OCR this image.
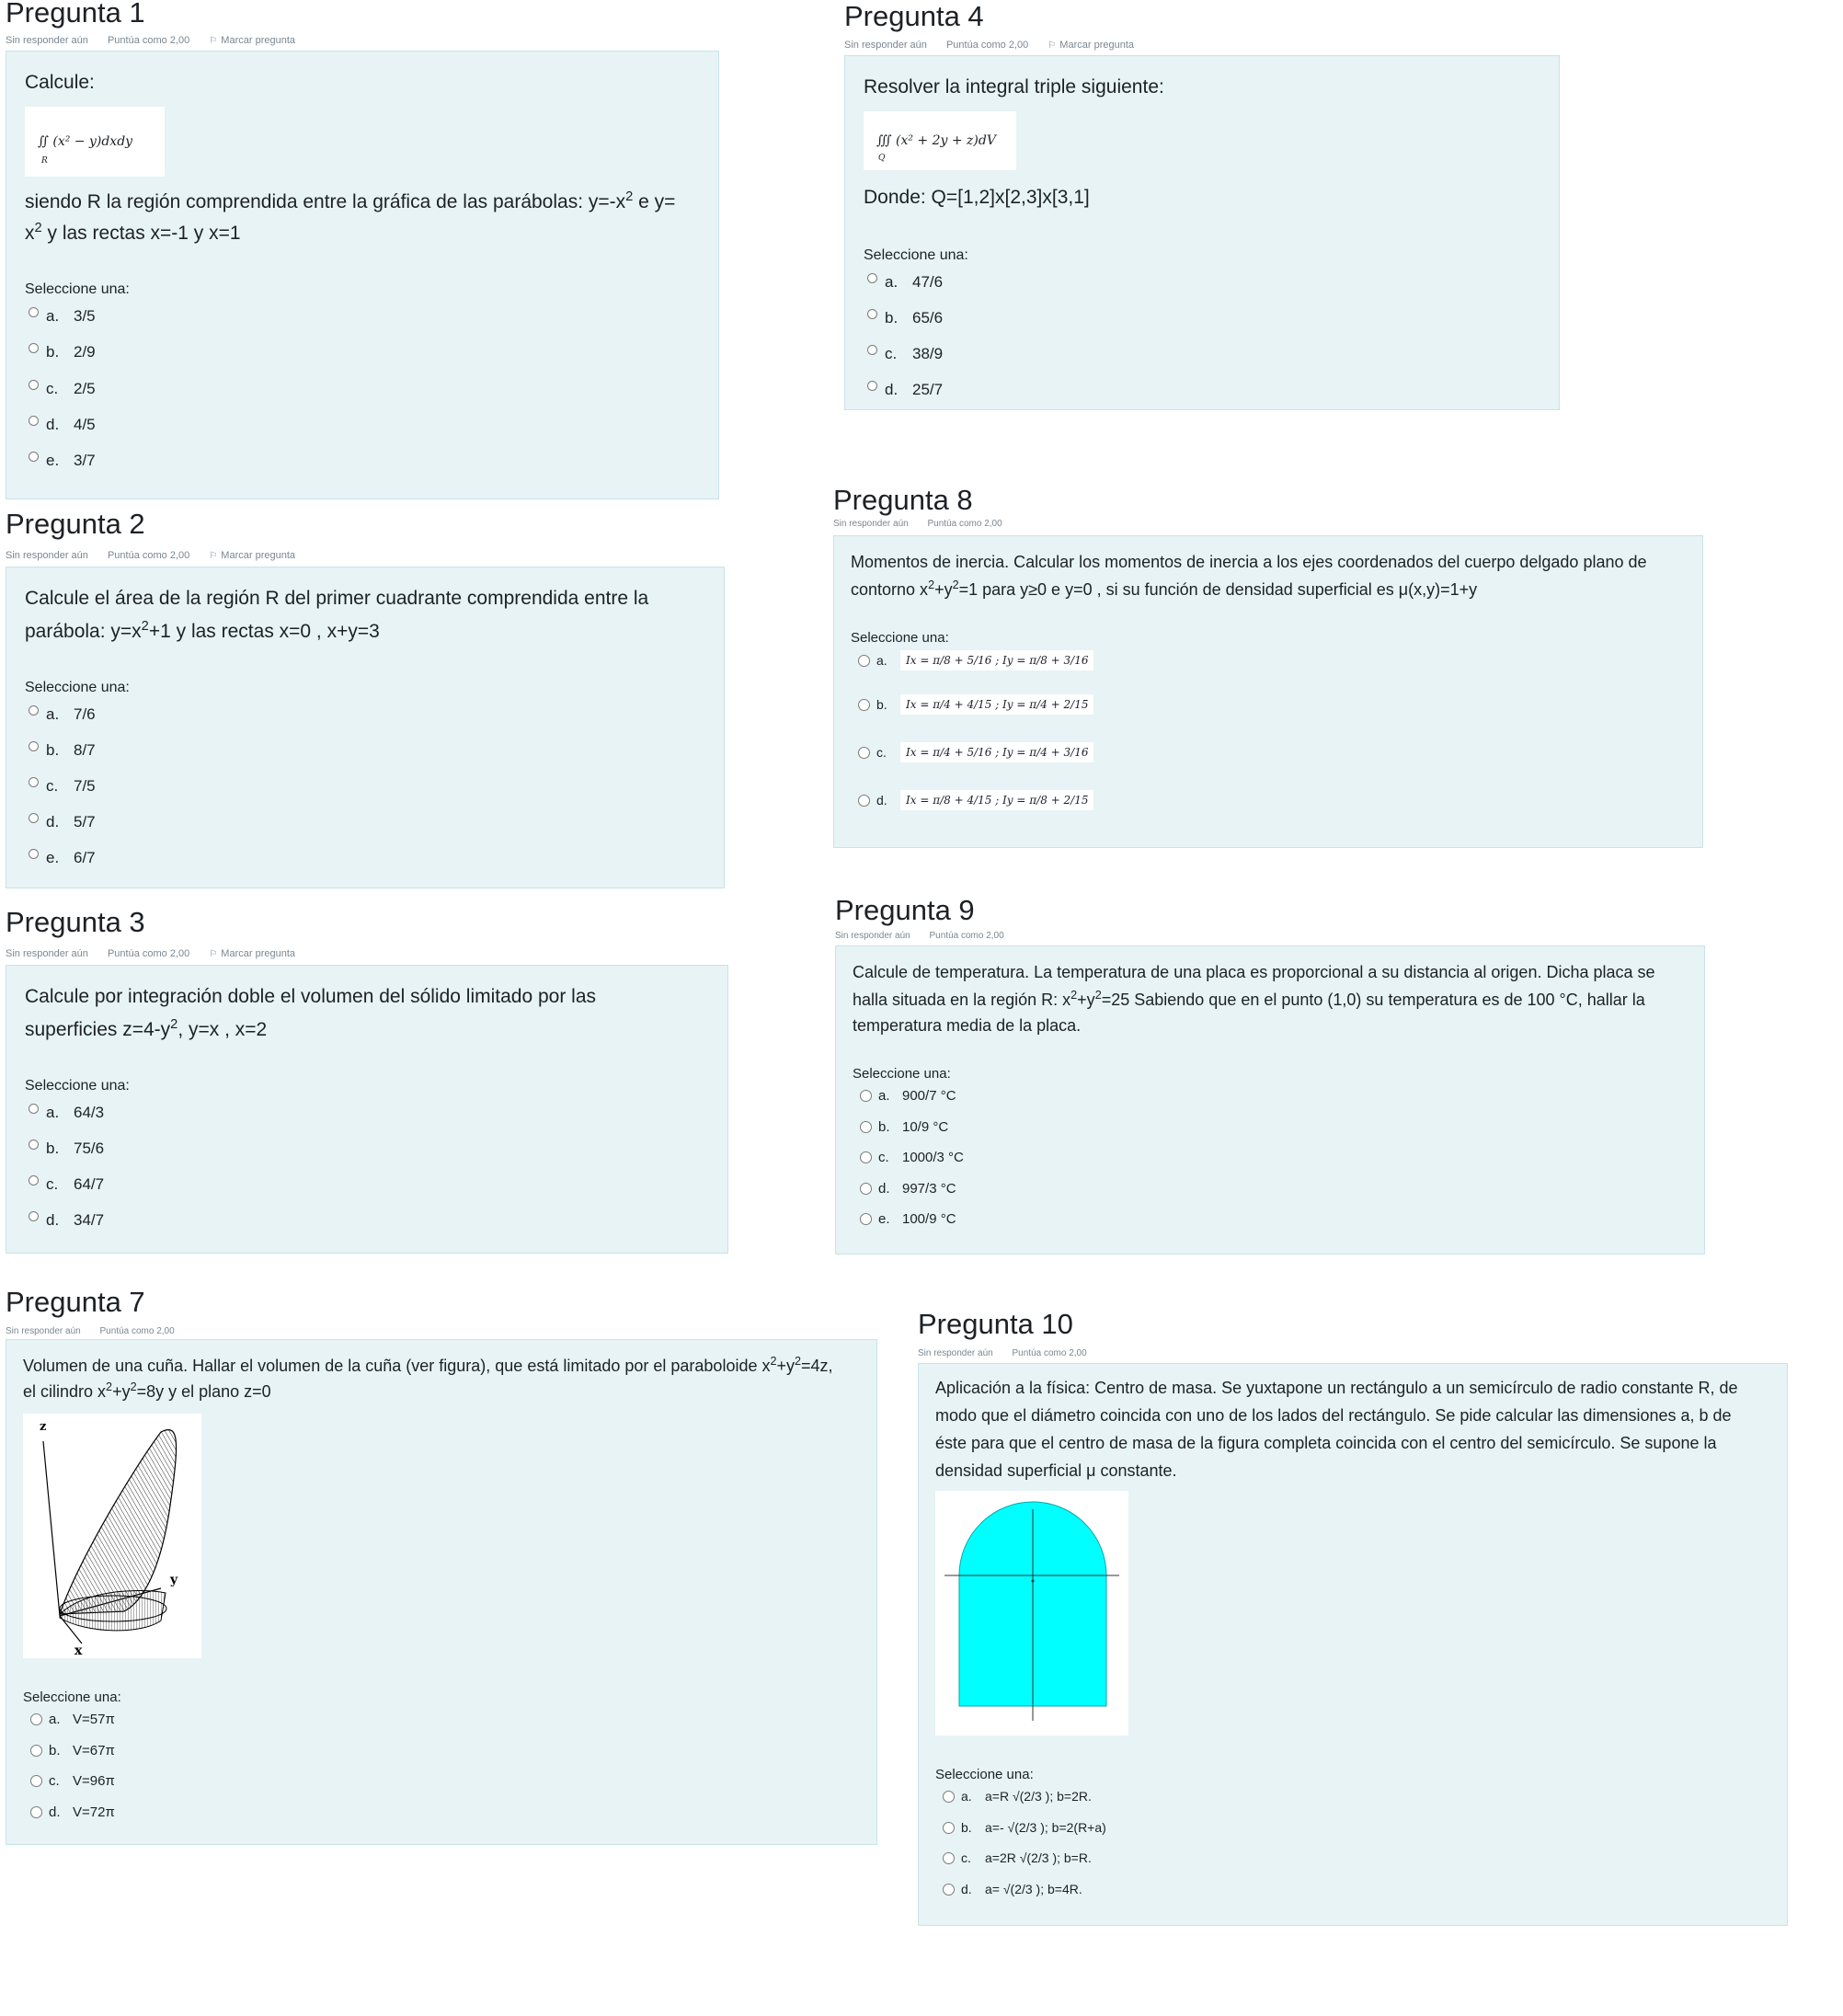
Pregunta 1
Sin responder aún Puntúa como 2,00	⚐ Marcar pregunta
Calcule:
∬ (x² − y)dxdy
R
siendo R la región comprendida entre la gráfica de las parábolas: $y=-x^2$ e y=
$x^2$ y las rectas x=-1 y x=1
Seleccione una:
a. 3/5
b. 2/9
c. 2/5
d. 4/5
e. 3/7
Pregunta 2
Sin responder aún Puntúa como 2,00	⚐ Marcar pregunta
Calcule el área de la región R del primer cuadrante comprendida entre la
parábola: $y=x^2+1$ y las rectas x=0 , x+y=3
Seleccione una:
a. 7/6
b. 8/7
c. 7/5
d. 5/7
e. 6/7
Pregunta 3
Sin responder aún Puntúa como 2,00	⚐ Marcar pregunta
Calcule por integración doble el volumen del sólido limitado por las
superficies $z=4-y^2$, y=x , x=2
Seleccione una:
a. 64/3
b. 75/6
c. 64/7
d. 34/7
Pregunta 4
Sin responder aún Puntúa como 2,00	⚐ Marcar pregunta
Resolver la integral triple siguiente:
∭ (x² + 2y + z)dV
Q
Donde: Q=[1,2]x[2,3]x[3,1]
Seleccione una:
a. 47/6
b. 65/6
c. 38/9
d. 25/7
Pregunta 8
Sin responder aún Puntúa como 2,00
Momentos de inercia. Calcular los momentos de inercia a los ejes coordenados del cuerpo delgado plano de
contorno $x^2+y^2=1$ para y≥0 e y=0 , si su función de densidad superficial es μ(x,y)=1+y
Seleccione una:
a.	Ix = π/8 + 5/16 ; Iy = π/8 + 3/16
b.	Ix = π/4 + 4/15 ; Iy = π/4 + 2/15
c.	Ix = π/4 + 5/16 ; Iy = π/4 + 3/16
d.	Ix = π/8 + 4/15 ; Iy = π/8 + 2/15
Pregunta 9
Sin responder aún Puntúa como 2,00
Calcule de temperatura. La temperatura de una placa es proporcional a su distancia al origen. Dicha placa se
halla situada en la región R: $x^2+y^2=25$ Sabiendo que en el punto (1,0) su temperatura es de 100 °C, hallar la
temperatura media de la placa.
Seleccione una:
a. 900/7 °C
b. 10/9 °C
c. 1000/3 °C
d. 997/3 °C
e. 100/9 °C
Pregunta 7
Sin responder aún Puntúa como 2,00
Volumen de una cuña. Hallar el volumen de la cuña (ver figura), que está limitado por el paraboloide $x^2+y^2=4z$,
el cilindro $x^2+y^2=8y$ y el plano z=0
z
y
x
Seleccione una:
a. V=57π
b. V=67π
c. V=96π
d. V=72π
Pregunta 10
Sin responder aún Puntúa como 2,00
Aplicación a la física: Centro de masa. Se yuxtapone un rectángulo a un semicírculo de radio constante R, de
modo que el diámetro coincida con uno de los lados del rectángulo. Se pide calcular las dimensiones a, b de
éste para que el centro de masa de la figura completa coincida con el centro del semicírculo. Se supone la
densidad superficial μ constante.
Seleccione una:
a.	a=R √(2/3 ); b=2R.
b.	a=- √(2/3 ); b=2(R+a)
c.	a=2R √(2/3 ); b=R.
d.	a= √(2/3 ); b=4R.
